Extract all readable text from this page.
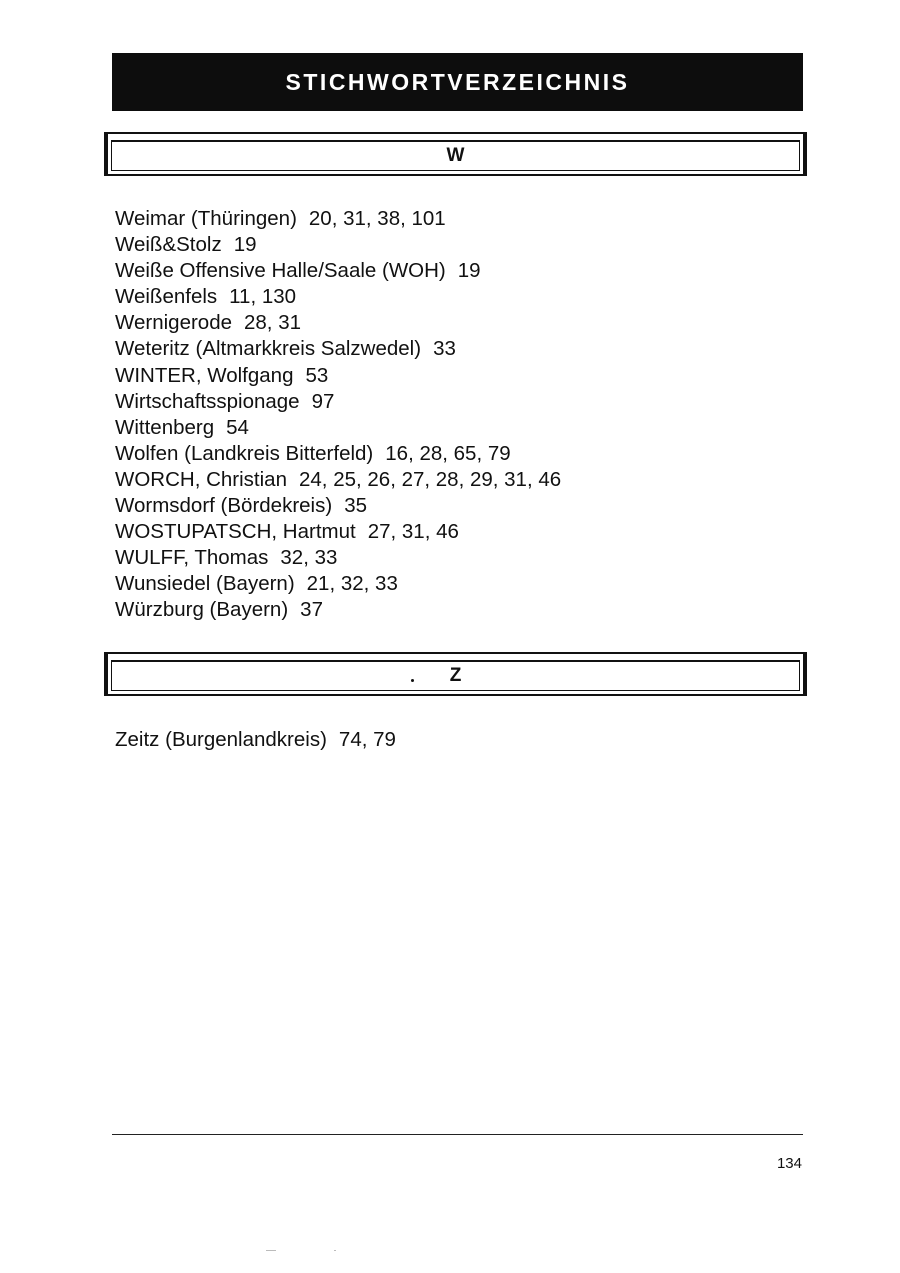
STICHWORTVERZEICHNIS
W
Weimar (Thüringen) 20, 31, 38, 101
Weiß&Stolz 19
Weiße Offensive Halle/Saale (WOH) 19
Weißenfels 11, 130
Wernigerode 28, 31
Weteritz (Altmarkkreis Salzwedel) 33
WINTER, Wolfgang 53
Wirtschaftsspionage 97
Wittenberg 54
Wolfen (Landkreis Bitterfeld) 16, 28, 65, 79
WORCH, Christian 24, 25, 26, 27, 28, 29, 31, 46
Wormsdorf (Bördekreis) 35
WOSTUPATSCH, Hartmut 27, 31, 46
WULFF, Thomas 32, 33
Wunsiedel (Bayern) 21, 32, 33
Würzburg (Bayern) 37
Z
Zeitz (Burgenlandkreis) 74, 79
134
